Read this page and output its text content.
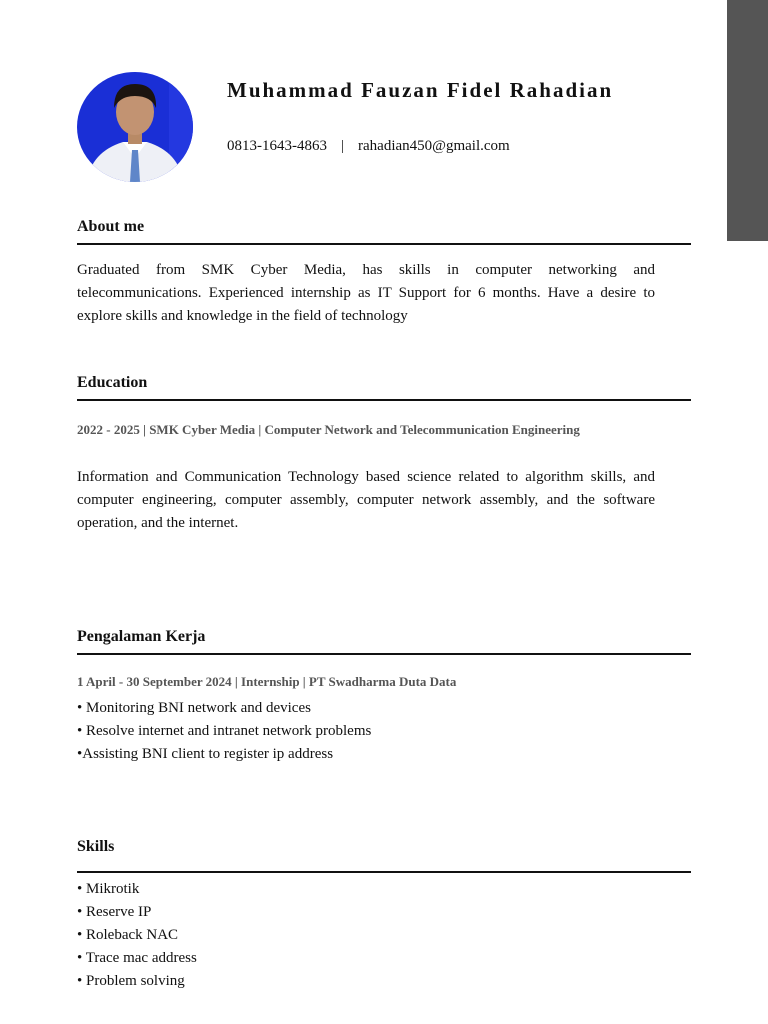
Muhammad Fauzan Fidel Rahadian
0813-1643-4863 | rahadian450@gmail.com
About me
Graduated from SMK Cyber Media, has skills in computer networking and telecommunications. Experienced internship as IT Support for 6 months. Have a desire to explore skills and knowledge in the field of technology
Education
2022 - 2025 | SMK Cyber Media | Computer Network and Telecommunication Engineering
Information and Communication Technology based science related to algorithm skills, and computer engineering, computer assembly, computer network assembly, and the software operation, and the internet.
Pengalaman Kerja
1 April - 30 September 2024 | Internship | PT Swadharma Duta Data
• Monitoring BNI network and devices
• Resolve internet and intranet network problems
•Assisting BNI client to register ip address
Skills
• Mikrotik
• Reserve IP
• Roleback NAC
• Trace mac address
• Problem solving
